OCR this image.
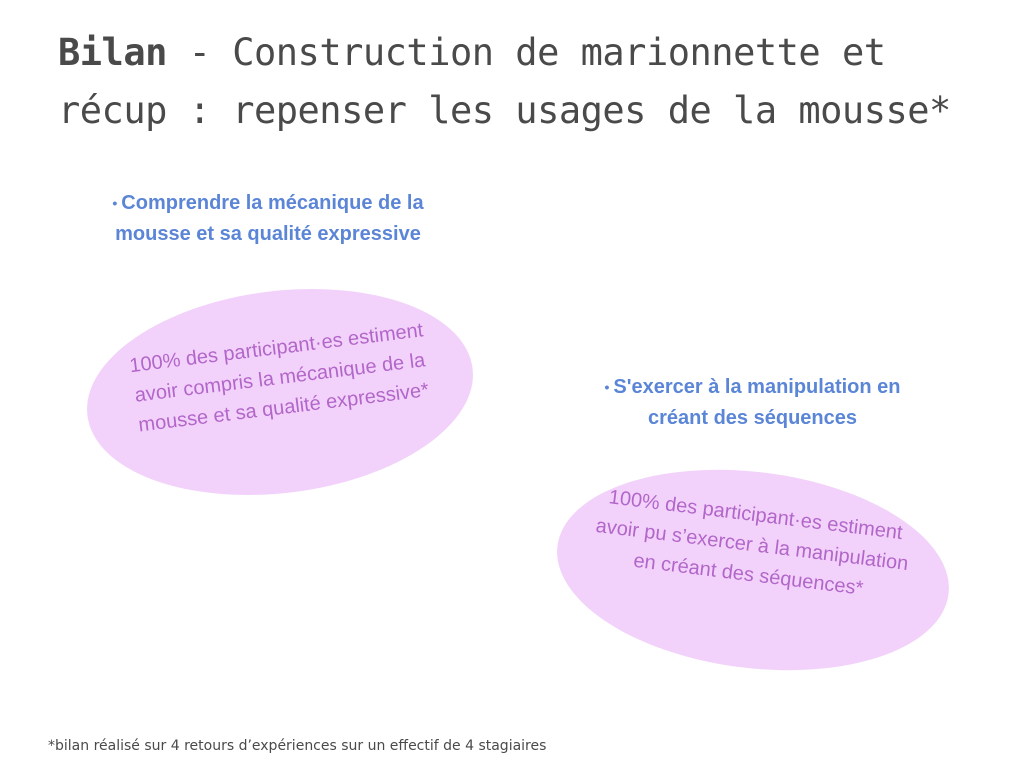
Bilan - Construction de marionnette et récup : repenser les usages de la mousse*
• Comprendre la mécanique de la mousse et sa qualité expressive
100% des participant·es estiment avoir compris la mécanique de la mousse et sa qualité expressive*	• S'exercer à la manipulation en créant des séquences
100% des participant·es estiment avoir pu s’exercer à la manipulation en créant des séquences*
*bilan réalisé sur 4 retours d’expériences sur un effectif de 4 stagiaires
